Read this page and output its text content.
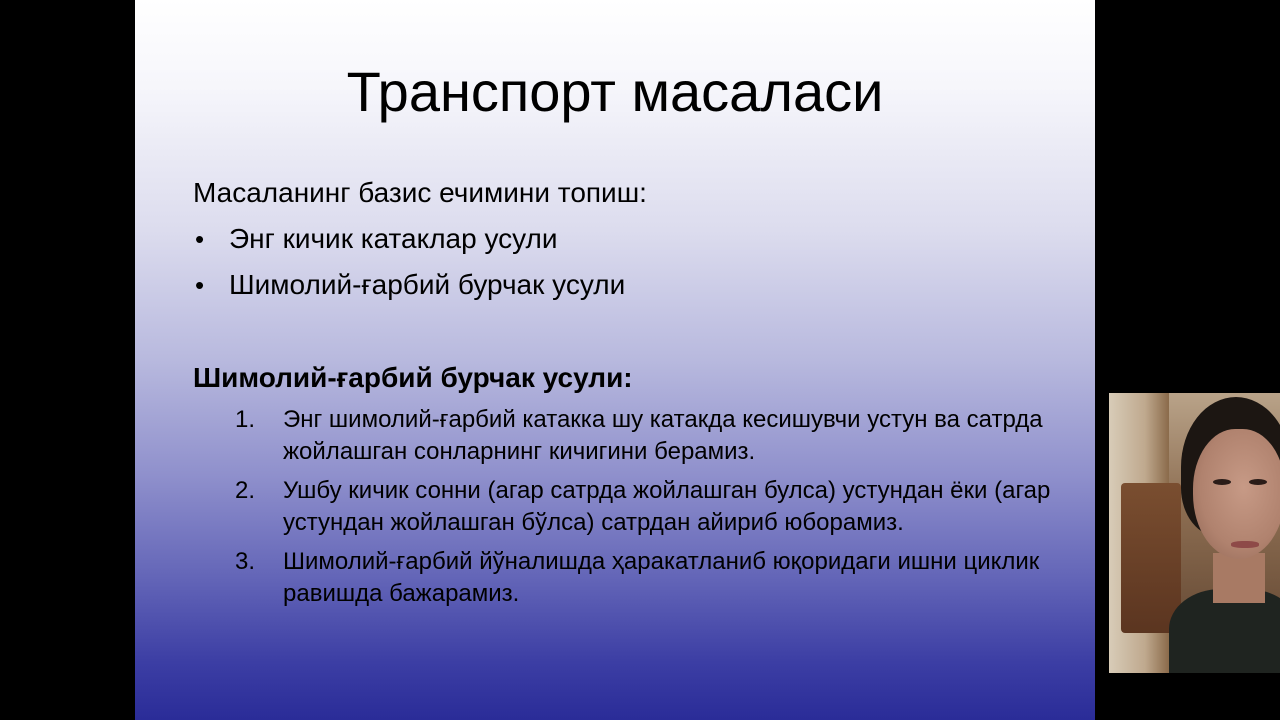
Транспорт масаласи
Масаланинг базис ечимини топиш:
• Энг кичик катаклар усули
• Шимолий-ғарбий бурчак усули
Шимолий-ғарбий бурчак усули:
1. Энг шимолий-ғарбий катакка шу катакда кесишувчи устун ва сатрда жойлашган сонларнинг кичигини берамиз.
2. Ушбу кичик сонни (агар сатрда жойлашган булса) устундан ёки (агар устундан жойлашган бўлса) сатрдан айириб юборамиз.
3. Шимолий-ғарбий йўналишда ҳаракатланиб юқоридаги ишни циклик равишда бажарамиз.
